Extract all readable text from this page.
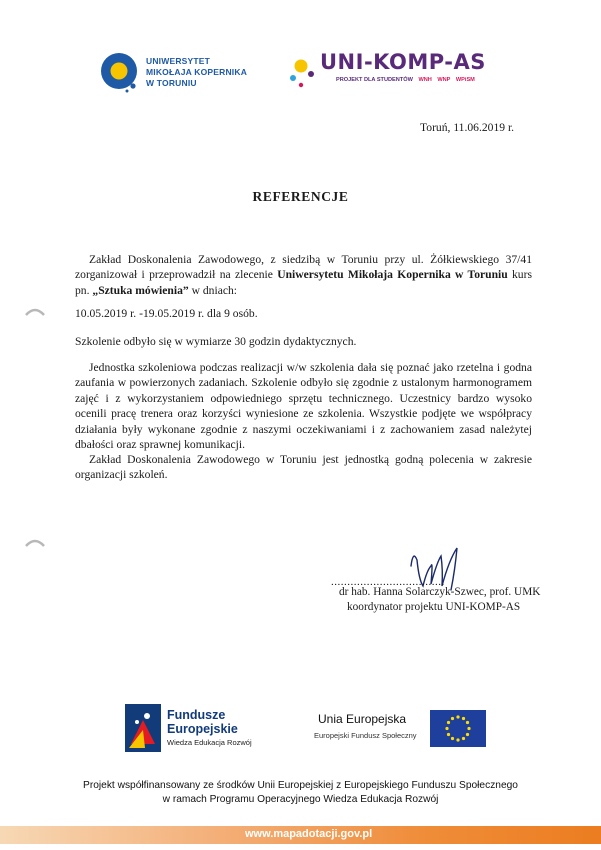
UNIWERSYTET
MIKOŁAJA KOPERNIKA
W TORUNIU
UNI-KOMP-AS
PROJEKT DLA STUDENTÓW WNH WNP WPiSM
Toruń, 11.06.2019 r.
REFERENCJE
Zakład Doskonalenia Zawodowego, z siedzibą w Toruniu przy ul. Żółkiewskiego 37/41 zorganizował i przeprowadził na zlecenie Uniwersytetu Mikołaja Kopernika w Toruniu kurs pn. „Sztuka mówienia” w dniach:
10.05.2019 r. -19.05.2019 r. dla 9 osób.
Szkolenie odbyło się w wymiarze 30 godzin dydaktycznych.
Jednostka szkoleniowa podczas realizacji w/w szkolenia dała się poznać jako rzetelna i godna zaufania w powierzonych zadaniach. Szkolenie odbyło się zgodnie z ustalonym harmonogramem zajęć i z wykorzystaniem odpowiedniego sprzętu technicznego. Uczestnicy bardzo wysoko ocenili pracę trenera oraz korzyści wyniesione ze szkolenia. Wszystkie podjęte we współpracy działania były wykonane zgodnie z naszymi oczekiwaniami i z zachowaniem zasad należytej dbałości oraz sprawnej komunikacji.
Zakład Doskonalenia Zawodowego w Toruniu jest jednostką godną polecenia w zakresie organizacji szkoleń.
...................................
dr hab. Hanna Solarczyk-Szwec, prof. UMK
koordynator projektu UNI-KOMP-AS
Fundusze
Europejskie
Wiedza Edukacja Rozwój
Unia Europejska
Europejski Fundusz Społeczny
Projekt współfinansowany ze środków Unii Europejskiej z Europejskiego Funduszu Społecznego
w ramach Programu Operacyjnego Wiedza Edukacja Rozwój
www.mapadotacji.gov.pl
